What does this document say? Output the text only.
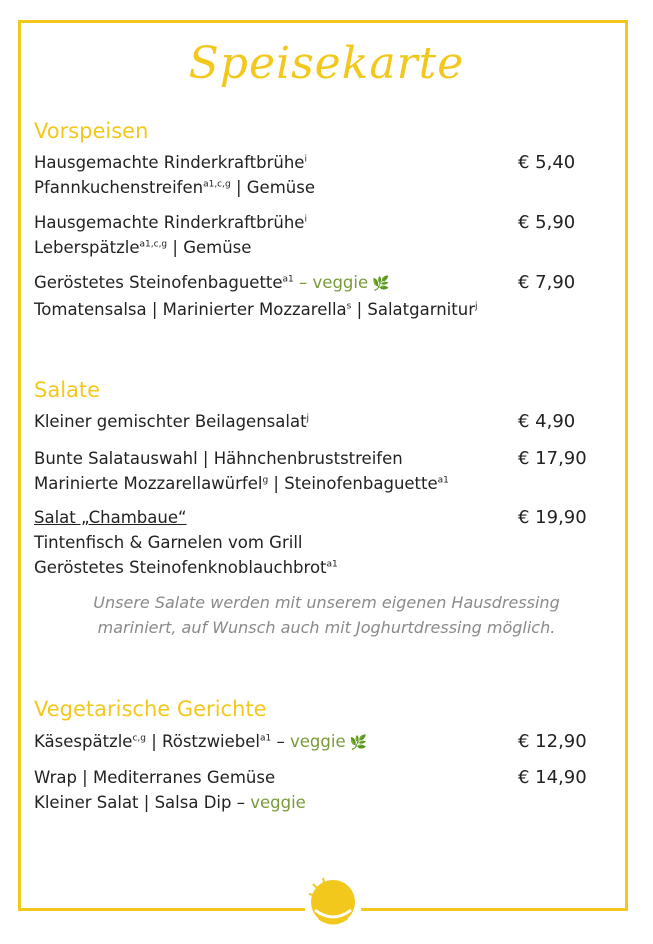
Speisekarte
Vorspeisen
Hausgemachte Rinderkraftbrühe$^i$
Pfannkuchenstreifen$^{a1,c,g}$ | Gemüse
€ 5,40
Hausgemachte Rinderkraftbrühe$^i$
Leberspätzle$^{a1,c,g}$ | Gemüse
€ 5,90
Geröstetes Steinofenbaguette$^{a1}$ – veggie 🌿
Tomatensalsa | Marinierter Mozzarella$^s$ | Salatgarnitur$^j$
€ 7,90
Salate
Kleiner gemischter Beilagensalat$^j$	€ 4,90
Bunte Salatauswahl | Hähnchenbruststreifen
Marinierte Mozzarellawürfel$^g$ | Steinofenbaguette$^{a1}$
€ 17,90
Salat „Chambaue“
Tintenfisch & Garnelen vom Grill
Geröstetes Steinofenknoblauchbrot$^{a1}$
€ 19,90
Unsere Salate werden mit unserem eigenen Hausdressing
mariniert, auf Wunsch auch mit Joghurtdressing möglich.
Vegetarische Gerichte
Käsespätzle$^{c,g}$ | Röstzwiebel$^{a1}$ – veggie 🌿	€ 12,90
Wrap | Mediterranes Gemüse
Kleiner Salat | Salsa Dip – veggie
€ 14,90
